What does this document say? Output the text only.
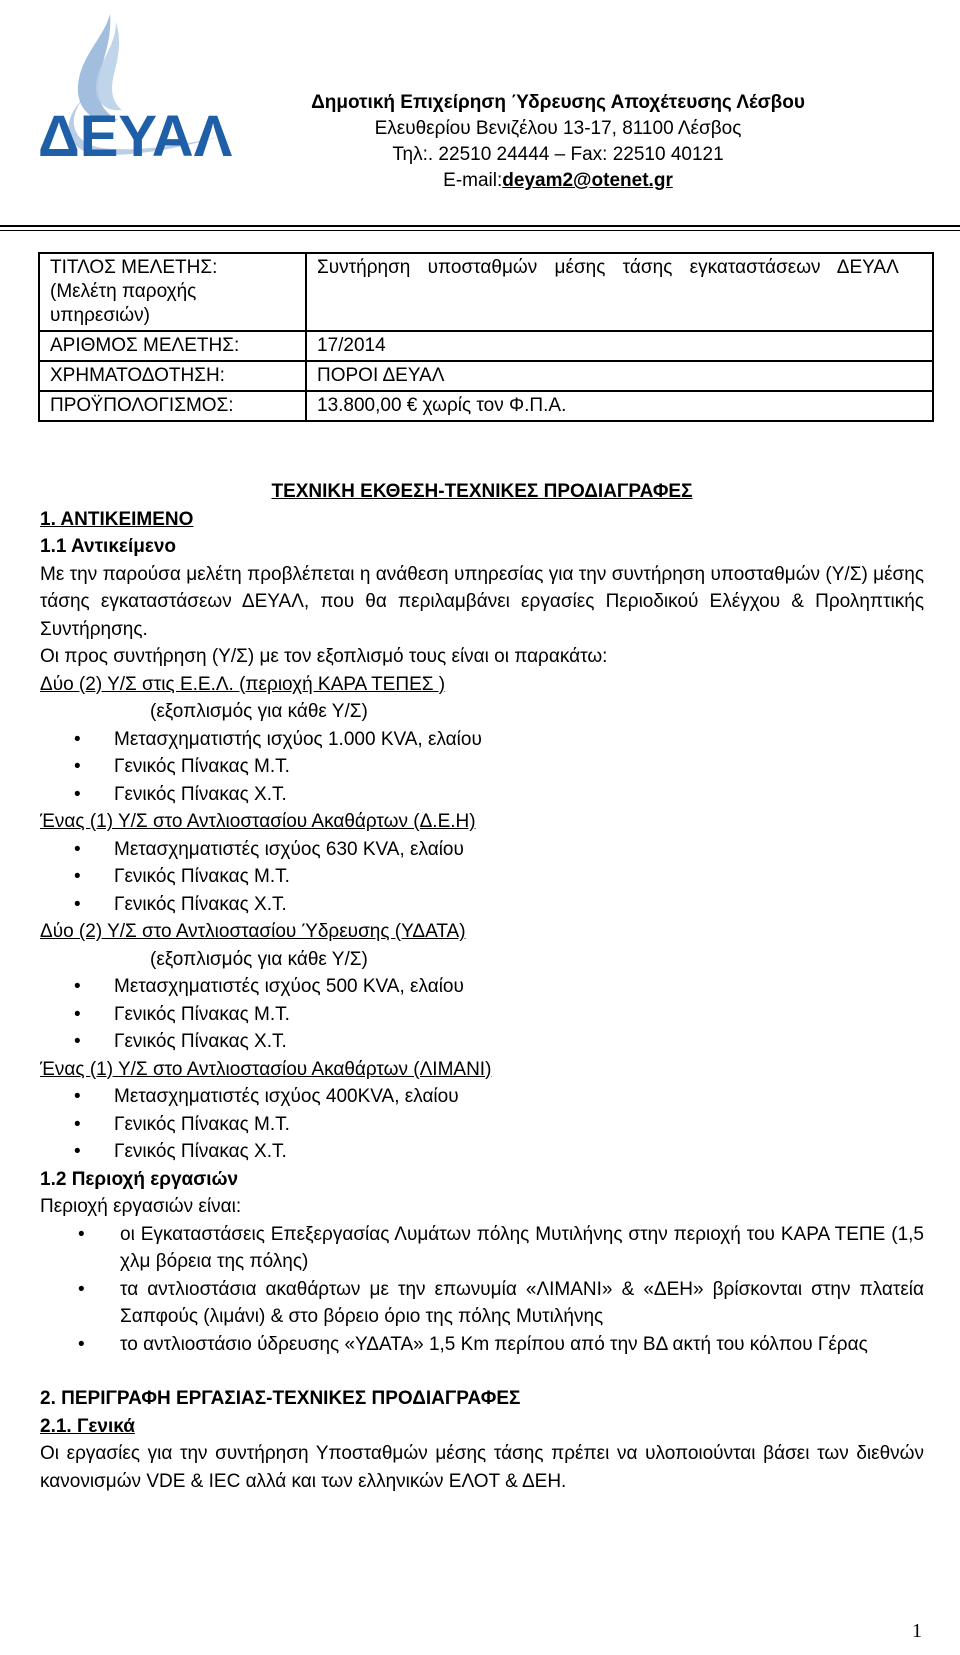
ΔΕΥΑΛ
Δημοτική Επιχείρηση Ύδρευσης Αποχέτευσης Λέσβου
Ελευθερίου Βενιζέλου 13-17, 81100 Λέσβος
Τηλ:. 22510 24444 – Fax: 22510 40121
E-mail:deyam2@otenet.gr
ΤΙΤΛΟΣ ΜΕΛΕΤΗΣ:
(Μελέτη παροχής υπηρεσιών)	Συντήρηση υποσταθμών μέσης τάσης εγκαταστάσεων ΔΕΥΑΛ

ΑΡΙΘΜΟΣ ΜΕΛΕΤΗΣ:	17/2014
ΧΡΗΜΑΤΟΔΟΤΗΣΗ:	ΠΟΡΟΙ ΔΕΥΑΛ
ΠΡΟΫΠΟΛΟΓΙΣΜΟΣ:	13.800,00 € χωρίς τον Φ.Π.Α.

ΤΕΧΝΙΚΗ ΕΚΘΕΣΗ-ΤΕΧΝΙΚΕΣ ΠΡΟΔΙΑΓΡΑΦΕΣ

1. ΑΝΤΙΚΕΙΜΕΝΟ

1.1 Αντικείμενο

Με την παρούσα μελέτη προβλέπεται η ανάθεση υπηρεσίας για την συντήρηση υποσταθμών (Υ/Σ) μέσης τάσης εγκαταστάσεων ΔΕΥΑΛ, που θα περιλαμβάνει εργασίες Περιοδικού Ελέγχου & Προληπτικής Συντήρησης.

Οι προς συντήρηση (Υ/Σ) με τον εξοπλισμό τους είναι οι παρακάτω:

Δύο (2) Υ/Σ στις Ε.Ε.Λ. (περιοχή ΚΑΡΑ ΤΕΠΕΣ )

(εξοπλισμός για κάθε Υ/Σ)

• Μετασχηματιστής ισχύος 1.000 KVA, ελαίου

• Γενικός Πίνακας Μ.Τ.

• Γενικός Πίνακας Χ.Τ.

Ένας (1) Υ/Σ στο Αντλιοστασίου Ακαθάρτων (Δ.Ε.Η)

• Μετασχηματιστές ισχύος 630 KVA, ελαίου

• Γενικός Πίνακας Μ.Τ.

• Γενικός Πίνακας Χ.Τ.

Δύο (2) Υ/Σ στο Αντλιοστασίου Ύδρευσης (ΥΔΑΤΑ)

(εξοπλισμός για κάθε Υ/Σ)

• Μετασχηματιστές ισχύος 500 KVA, ελαίου

• Γενικός Πίνακας Μ.Τ.

• Γενικός Πίνακας Χ.Τ.

Ένας (1) Υ/Σ στο Αντλιοστασίου Ακαθάρτων (ΛΙΜΑΝΙ)

• Μετασχηματιστές ισχύος 400KVA, ελαίου

• Γενικός Πίνακας Μ.Τ.

• Γενικός Πίνακας Χ.Τ.

1.2 Περιοχή εργασιών

Περιοχή εργασιών είναι:

• οι Εγκαταστάσεις Επεξεργασίας Λυμάτων πόλης Μυτιλήνης στην περιοχή του ΚΑΡΑ ΤΕΠΕ (1,5 χλμ βόρεια της πόλης)

• τα αντλιοστάσια ακαθάρτων με την επωνυμία «ΛΙΜΑΝΙ» & «ΔΕΗ» βρίσκονται στην πλατεία Σαπφούς (λιμάνι) & στο βόρειο όριο της πόλης Μυτιλήνης

• το αντλιοστάσιο ύδρευσης «ΥΔΑΤΑ» 1,5 Km περίπου από την ΒΔ ακτή του κόλπου Γέρας

2. ΠΕΡΙΓΡΑΦΗ ΕΡΓΑΣΙΑΣ-ΤΕΧΝΙΚΕΣ ΠΡΟΔΙΑΓΡΑΦΕΣ

2.1. Γενικά

Οι εργασίες για την συντήρηση Υποσταθμών μέσης τάσης πρέπει να υλοποιούνται βάσει των διεθνών κανονισμών VDE & IEC αλλά και των ελληνικών ΕΛΟΤ & ΔΕΗ.

1
